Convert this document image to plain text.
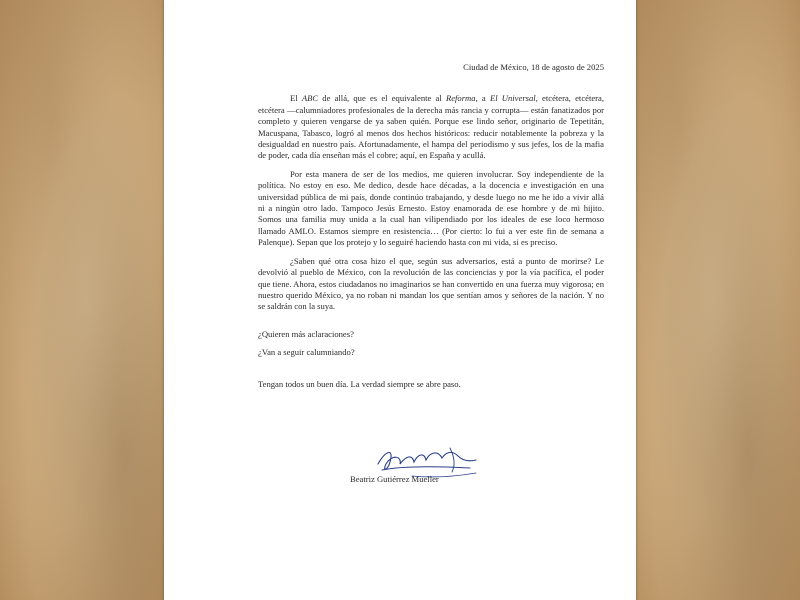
Ciudad de México, 18 de agosto de 2025

El ABC de allá, que es el equivalente al Reforma, a El Universal, etcétera, etcétera, etcétera —calumniadores profesionales de la derecha más rancia y corrupta— están fanatizados por completo y quieren vengarse de ya saben quién. Porque ese lindo señor, originario de Tepetitán, Macuspana, Tabasco, logró al menos dos hechos históricos: reducir notablemente la pobreza y la desigualdad en nuestro país. Afortunadamente, el hampa del periodismo y sus jefes, los de la mafia de poder, cada día enseñan más el cobre; aquí, en España y acullá.

Por esta manera de ser de los medios, me quieren involucrar. Soy independiente de la política. No estoy en eso. Me dedico, desde hace décadas, a la docencia e investigación en una universidad pública de mi país, donde continúo trabajando, y desde luego no me he ido a vivir allá ni a ningún otro lado. Tampoco Jesús Ernesto. Estoy enamorada de ese hombre y de mi hijito. Somos una familia muy unida a la cual han vilipendiado por los ideales de ese loco hermoso llamado AMLO. Estamos siempre en resistencia… (Por cierto: lo fui a ver este fin de semana a Palenque). Sepan que los protejo y lo seguiré haciendo hasta con mi vida, si es preciso.

¿Saben qué otra cosa hizo el que, según sus adversarios, está a punto de morirse? Le devolvió al pueblo de México, con la revolución de las conciencias y por la vía pacífica, el poder que tiene. Ahora, estos ciudadanos no imaginarios se han convertido en una fuerza muy vigorosa; en nuestro querido México, ya no roban ni mandan los que sentían amos y señores de la nación. Y no se saldrán con la suya.

¿Quieren más aclaraciones?

¿Van a seguir calumniando?

Tengan todos un buen día. La verdad siempre se abre paso.

Beatriz Gutiérrez Mueller
